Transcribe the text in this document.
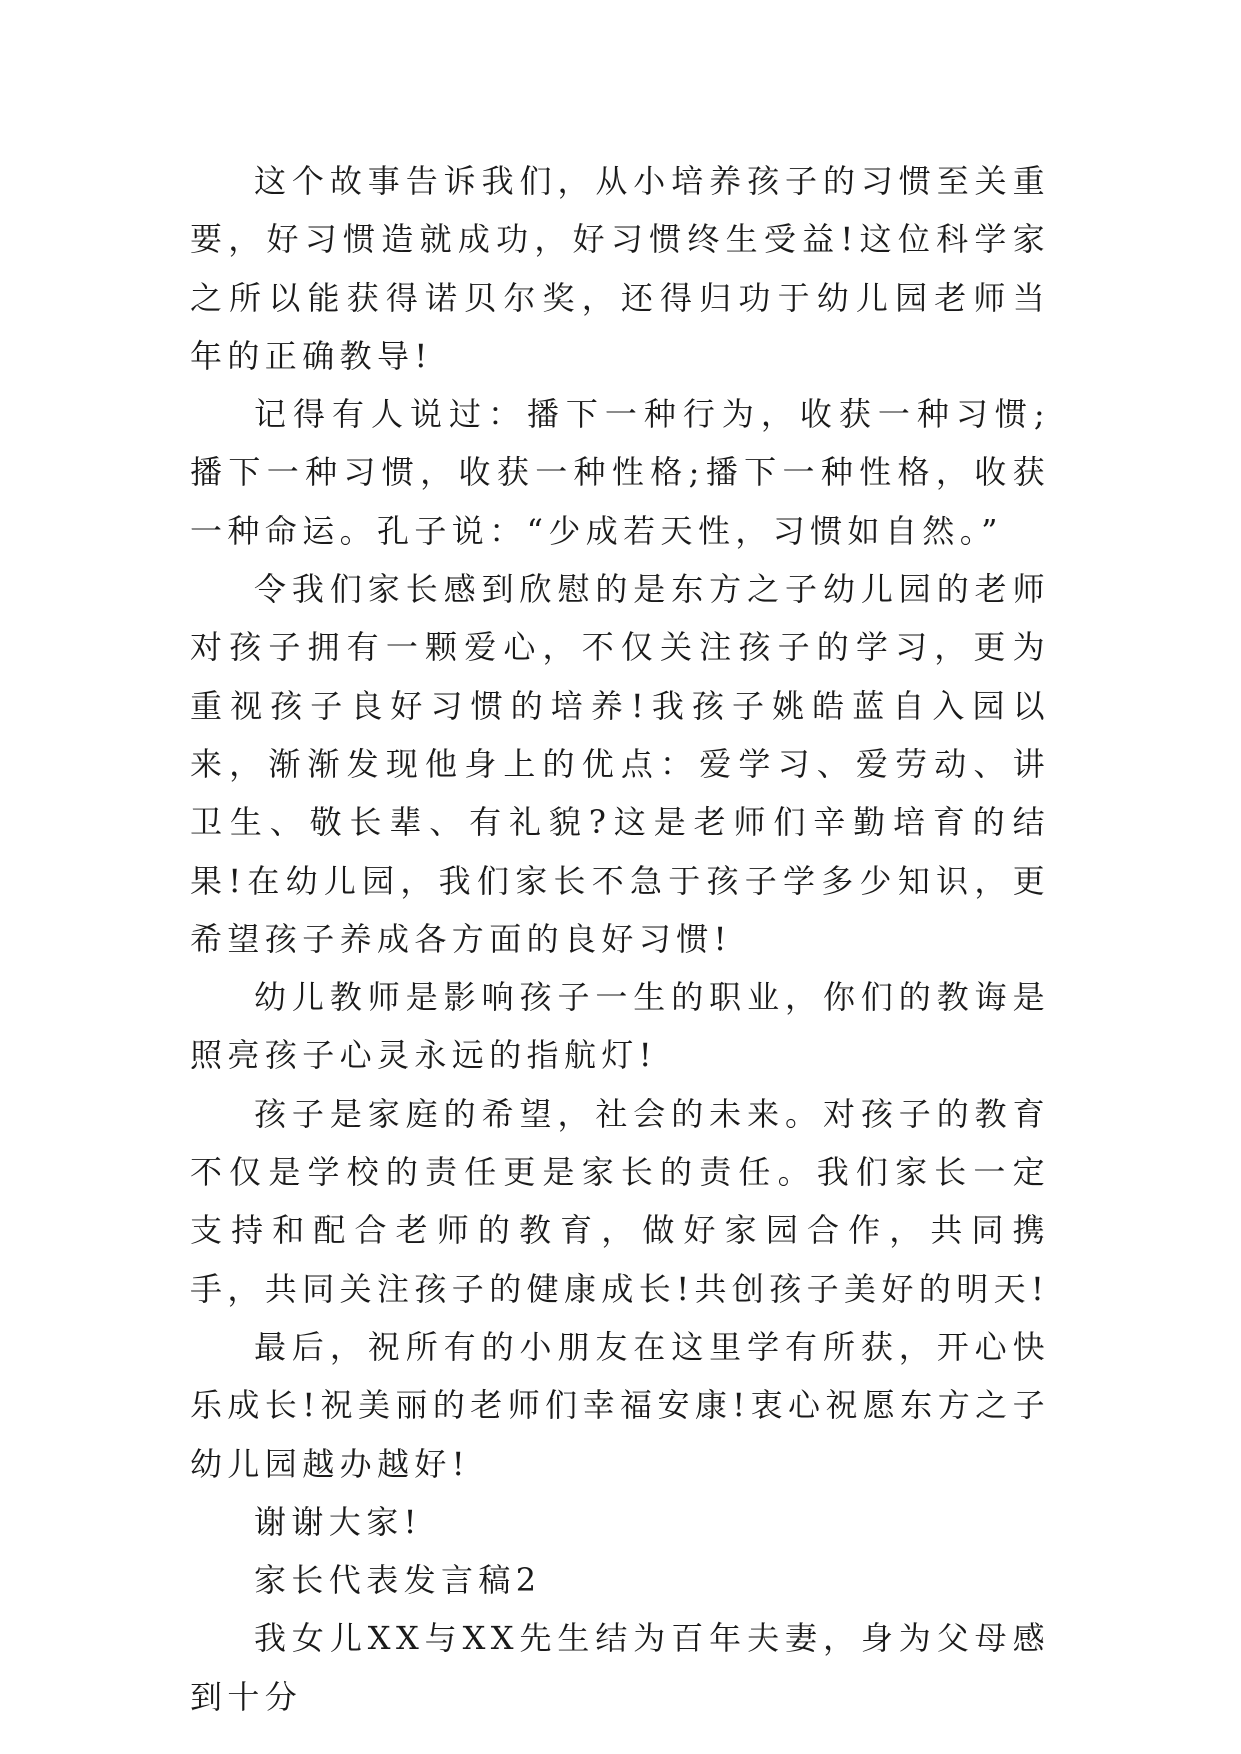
这个故事告诉我们，从小培养孩子的习惯至关重要，好习惯造就成功，好习惯终生受益!这位科学家之所以能获得诺贝尔奖，还得归功于幼儿园老师当年的正确教导!

记得有人说过：播下一种行为，收获一种习惯;播下一种习惯，收获一种性格;播下一种性格，收获一种命运。孔子说：“少成若天性，习惯如自然。”

令我们家长感到欣慰的是东方之子幼儿园的老师对孩子拥有一颗爱心，不仅关注孩子的学习，更为重视孩子良好习惯的培养!我孩子姚皓蓝自入园以来，渐渐发现他身上的优点：爱学习、爱劳动、讲卫生、敬长辈、有礼貌?这是老师们辛勤培育的结果!在幼儿园，我们家长不急于孩子学多少知识，更希望孩子养成各方面的良好习惯!

幼儿教师是影响孩子一生的职业，你们的教诲是照亮孩子心灵永远的指航灯!

孩子是家庭的希望，社会的未来。对孩子的教育不仅是学校的责任更是家长的责任。我们家长一定支持和配合老师的教育，做好家园合作，共同携手，共同关注孩子的健康成长!共创孩子美好的明天!

最后，祝所有的小朋友在这里学有所获，开心快乐成长!祝美丽的老师们幸福安康!衷心祝愿东方之子幼儿园越办越好!

谢谢大家!

家长代表发言稿2

我女儿XX与XX先生结为百年夫妻，身为父母感到十分
